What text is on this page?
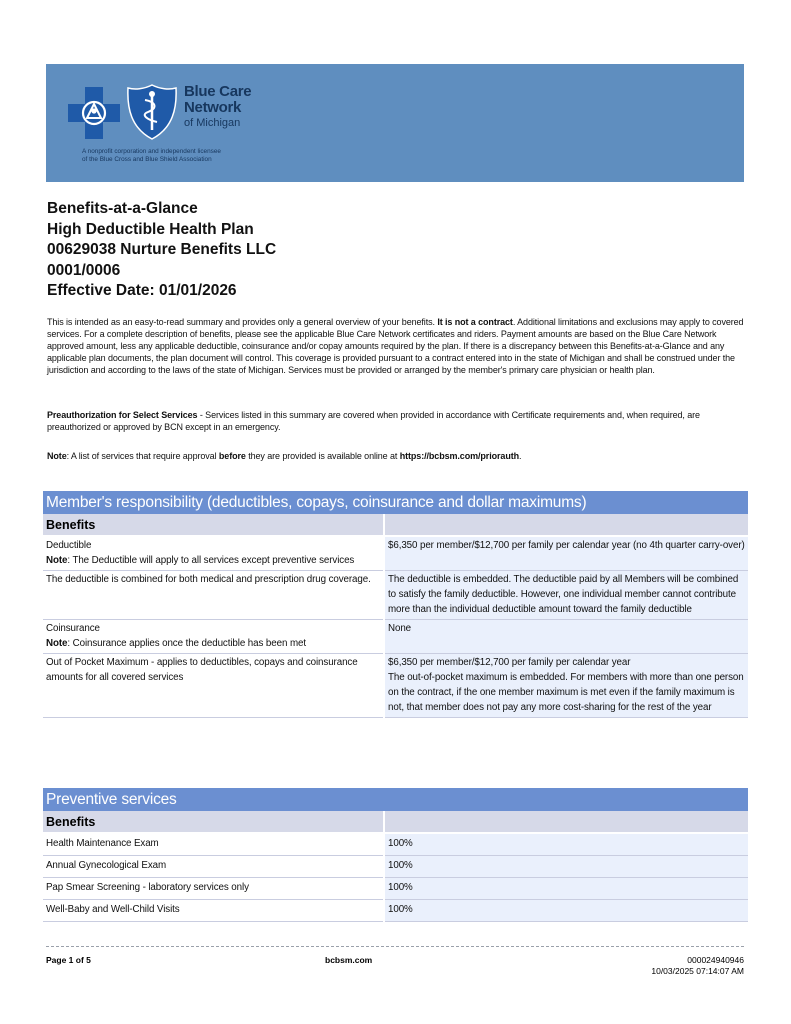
Blue Care
Network
of Michigan
A nonprofit corporation and independent licensee
of the Blue Cross and Blue Shield Association
Benefits-at-a-Glance
High Deductible Health Plan
00629038 Nurture Benefits LLC
0001/0006
Effective Date: 01/01/2026

This is intended as an easy-to-read summary and provides only a general overview of your benefits. It is not a contract. Additional limitations and exclusions may apply to covered services. For a complete description of benefits, please see the applicable Blue Care Network certificates and riders. Payment amounts are based on the Blue Care Network approved amount, less any applicable deductible, coinsurance and/or copay amounts required by the plan. If there is a discrepancy between this Benefits-at-a-Glance and any applicable plan documents, the plan document will control. This coverage is provided pursuant to a contract entered into in the state of Michigan and shall be construed under the jurisdiction and according to the laws of the state of Michigan. Services must be provided or arranged by the member's primary care physician or health plan.

Preauthorization for Select Services - Services listed in this summary are covered when provided in accordance with Certificate requirements and, when required, are preauthorized or approved by BCN except in an emergency.

Note: A list of services that require approval before they are provided is available online at https://bcbsm.com/priorauth.

Member's responsibility (deductibles, copays, coinsurance and dollar maximums)
Benefits	

Deductible
Note: The Deductible will apply to all services except preventive services	$6,350 per member/$12,700 per family per calendar year (no 4th quarter carry-over)
The deductible is combined for both medical and prescription drug coverage.	The deductible is embedded. The deductible paid by all Members will be combined to satisfy the family deductible. However, one individual member cannot contribute more than the individual deductible amount toward the family deductible

Coinsurance
Note: Coinsurance applies once the deductible has been met	None
Out of Pocket Maximum - applies to deductibles, copays and coinsurance amounts for all covered services	$6,350 per member/$12,700 per family per calendar year
The out-of-pocket maximum is embedded. For members with more than one person on the contract, if the one member maximum is met even if the family maximum is not, that member does not pay any more cost-sharing for the rest of the year
Preventive services
Benefits	
Health Maintenance Exam	100%
Annual Gynecological Exam	100%
Pap Smear Screening - laboratory services only	100%
Well-Baby and Well-Child Visits	100%
Page 1 of 5	bcbsm.com	000024940946
10/03/2025 07:14:07 AM
